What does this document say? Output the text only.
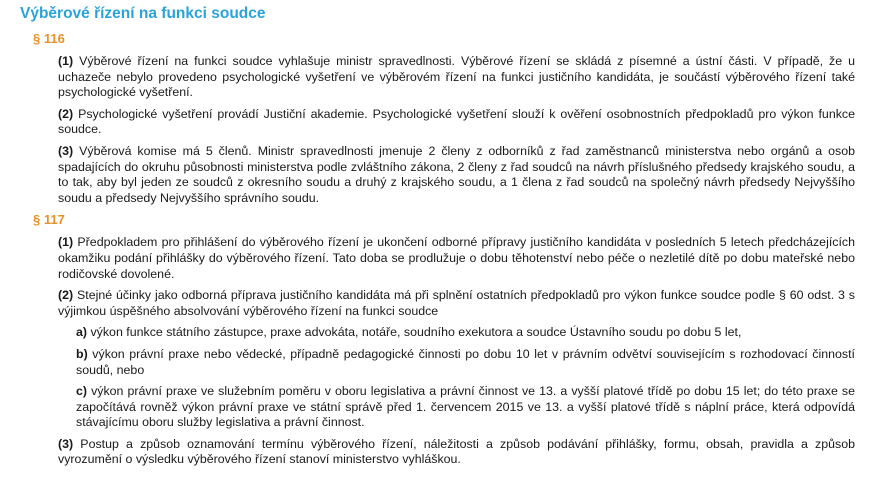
Výběrové řízení na funkci soudce
§ 116

(1) Výběrové řízení na funkci soudce vyhlašuje ministr spravedlnosti. Výběrové řízení se skládá z písemné a ústní části. V případě, že u uchazeče nebylo provedeno psychologické vyšetření ve výběrovém řízení na funkci justičního kandidáta, je součástí výběrového řízení také psychologické vyšetření.

(2) Psychologické vyšetření provádí Justiční akademie. Psychologické vyšetření slouží k ověření osobnostních předpokladů pro výkon funkce soudce.

(3) Výběrová komise má 5 členů. Ministr spravedlnosti jmenuje 2 členy z odborníků z řad zaměstnanců ministerstva nebo orgánů a osob spadajících do okruhu působnosti ministerstva podle zvláštního zákona, 2 členy z řad soudců na návrh příslušného předsedy krajského soudu, a to tak, aby byl jeden ze soudců z okresního soudu a druhý z krajského soudu, a 1 člena z řad soudců na společný návrh předsedy Nejvyššího soudu a předsedy Nejvyššího správního soudu.

§ 117

(1) Předpokladem pro přihlášení do výběrového řízení je ukončení odborné přípravy justičního kandidáta v posledních 5 letech předcházejících okamžiku podání přihlášky do výběrového řízení. Tato doba se prodlužuje o dobu těhotenství nebo péče o nezletilé dítě po dobu mateřské nebo rodičovské dovolené.

(2) Stejné účinky jako odborná příprava justičního kandidáta má při splnění ostatních předpokladů pro výkon funkce soudce podle § 60 odst. 3 s výjimkou úspěšného absolvování výběrového řízení na funkci soudce

a) výkon funkce státního zástupce, praxe advokáta, notáře, soudního exekutora a soudce Ústavního soudu po dobu 5 let,

b) výkon právní praxe nebo vědecké, případně pedagogické činnosti po dobu 10 let v právním odvětví souvisejícím s rozhodovací činností soudů, nebo

c) výkon právní praxe ve služebním poměru v oboru legislativa a právní činnost ve 13. a vyšší platové třídě po dobu 15 let; do této praxe se započítává rovněž výkon právní praxe ve státní správě před 1. červencem 2015 ve 13. a vyšší platové třídě s náplní práce, která odpovídá stávajícímu oboru služby legislativa a právní činnost.

(3) Postup a způsob oznamování termínu výběrového řízení, náležitosti a způsob podávání přihlášky, formu, obsah, pravidla a způsob vyrozumění o výsledku výběrového řízení stanoví ministerstvo vyhláškou.
